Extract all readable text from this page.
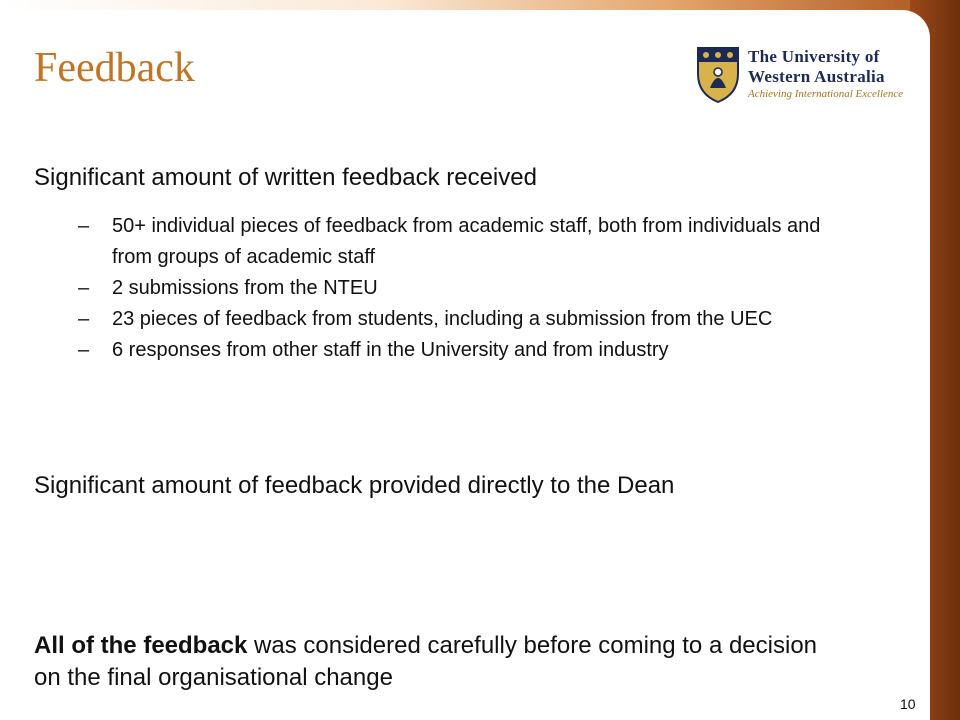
Feedback	The University of
Western Australia
Achieving International Excellence
Significant amount of written feedback received
– 50+ individual pieces of feedback from academic staff, both from individuals and from groups of academic staff
– 2 submissions from the NTEU
– 23 pieces of feedback from students, including a submission from the UEC
– 6 responses from other staff in the University and from industry
Significant amount of feedback provided directly to the Dean
All of the feedback was considered carefully before coming to a decision on the final organisational change
10
